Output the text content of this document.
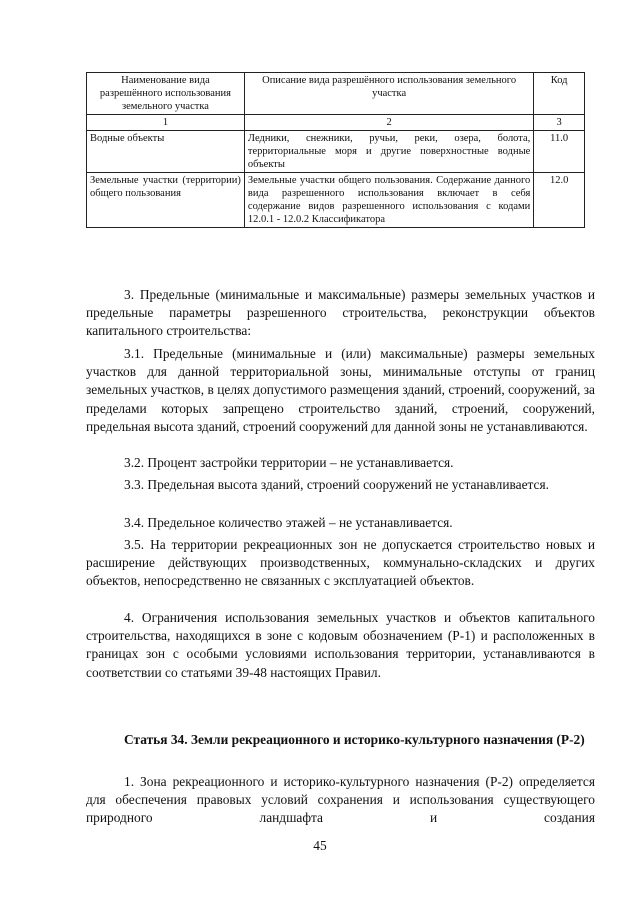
Наименование вида разрешённого использования земельного участка	Описание вида разрешённого использования земельного участка	Код
1	2	3
Водные объекты	Ледники, снежники, ручьи, реки, озера, болота, территориальные моря и другие поверхностные водные объекты	11.0
Земельные участки (территории) общего пользования	Земельные участки общего пользования. Содержание данного вида разрешенного использования включает в себя содержание видов разрешенного использования с кодами 12.0.1 - 12.0.2 Классификатора	12.0

3. Предельные (минимальные и максимальные) размеры земельных участков и предельные параметры разрешенного строительства, реконструкции объектов капитального строительства:

3.1. Предельные (минимальные и (или) максимальные) размеры земельных участков для данной территориальной зоны, минимальные отступы от границ земельных участков, в целях допустимого размещения зданий, строений, сооружений, за пределами которых запрещено строительство зданий, строений, сооружений, предельная высота зданий, строений сооружений для данной зоны не устанавливаются.

3.2. Процент застройки территории – не устанавливается.

3.3. Предельная высота зданий, строений сооружений не устанавливается.

3.4. Предельное количество этажей – не устанавливается.

3.5. На территории рекреационных зон не допускается строительство новых и расширение действующих производственных, коммунально-складских и других объектов, непосредственно не связанных с эксплуатацией объектов.

4. Ограничения использования земельных участков и объектов капитального строительства, находящихся в зоне с кодовым обозначением (Р-1) и расположенных в границах зон с особыми условиями использования территории, устанавливаются в соответствии со статьями 39-48 настоящих Правил.

Статья 34. Земли рекреационного и историко-культурного назначения (Р-2)

1. Зона рекреационного и историко-культурного назначения (Р-2) определяется для обеспечения правовых условий сохранения и использования существующего природного ландшафта и создания

45
